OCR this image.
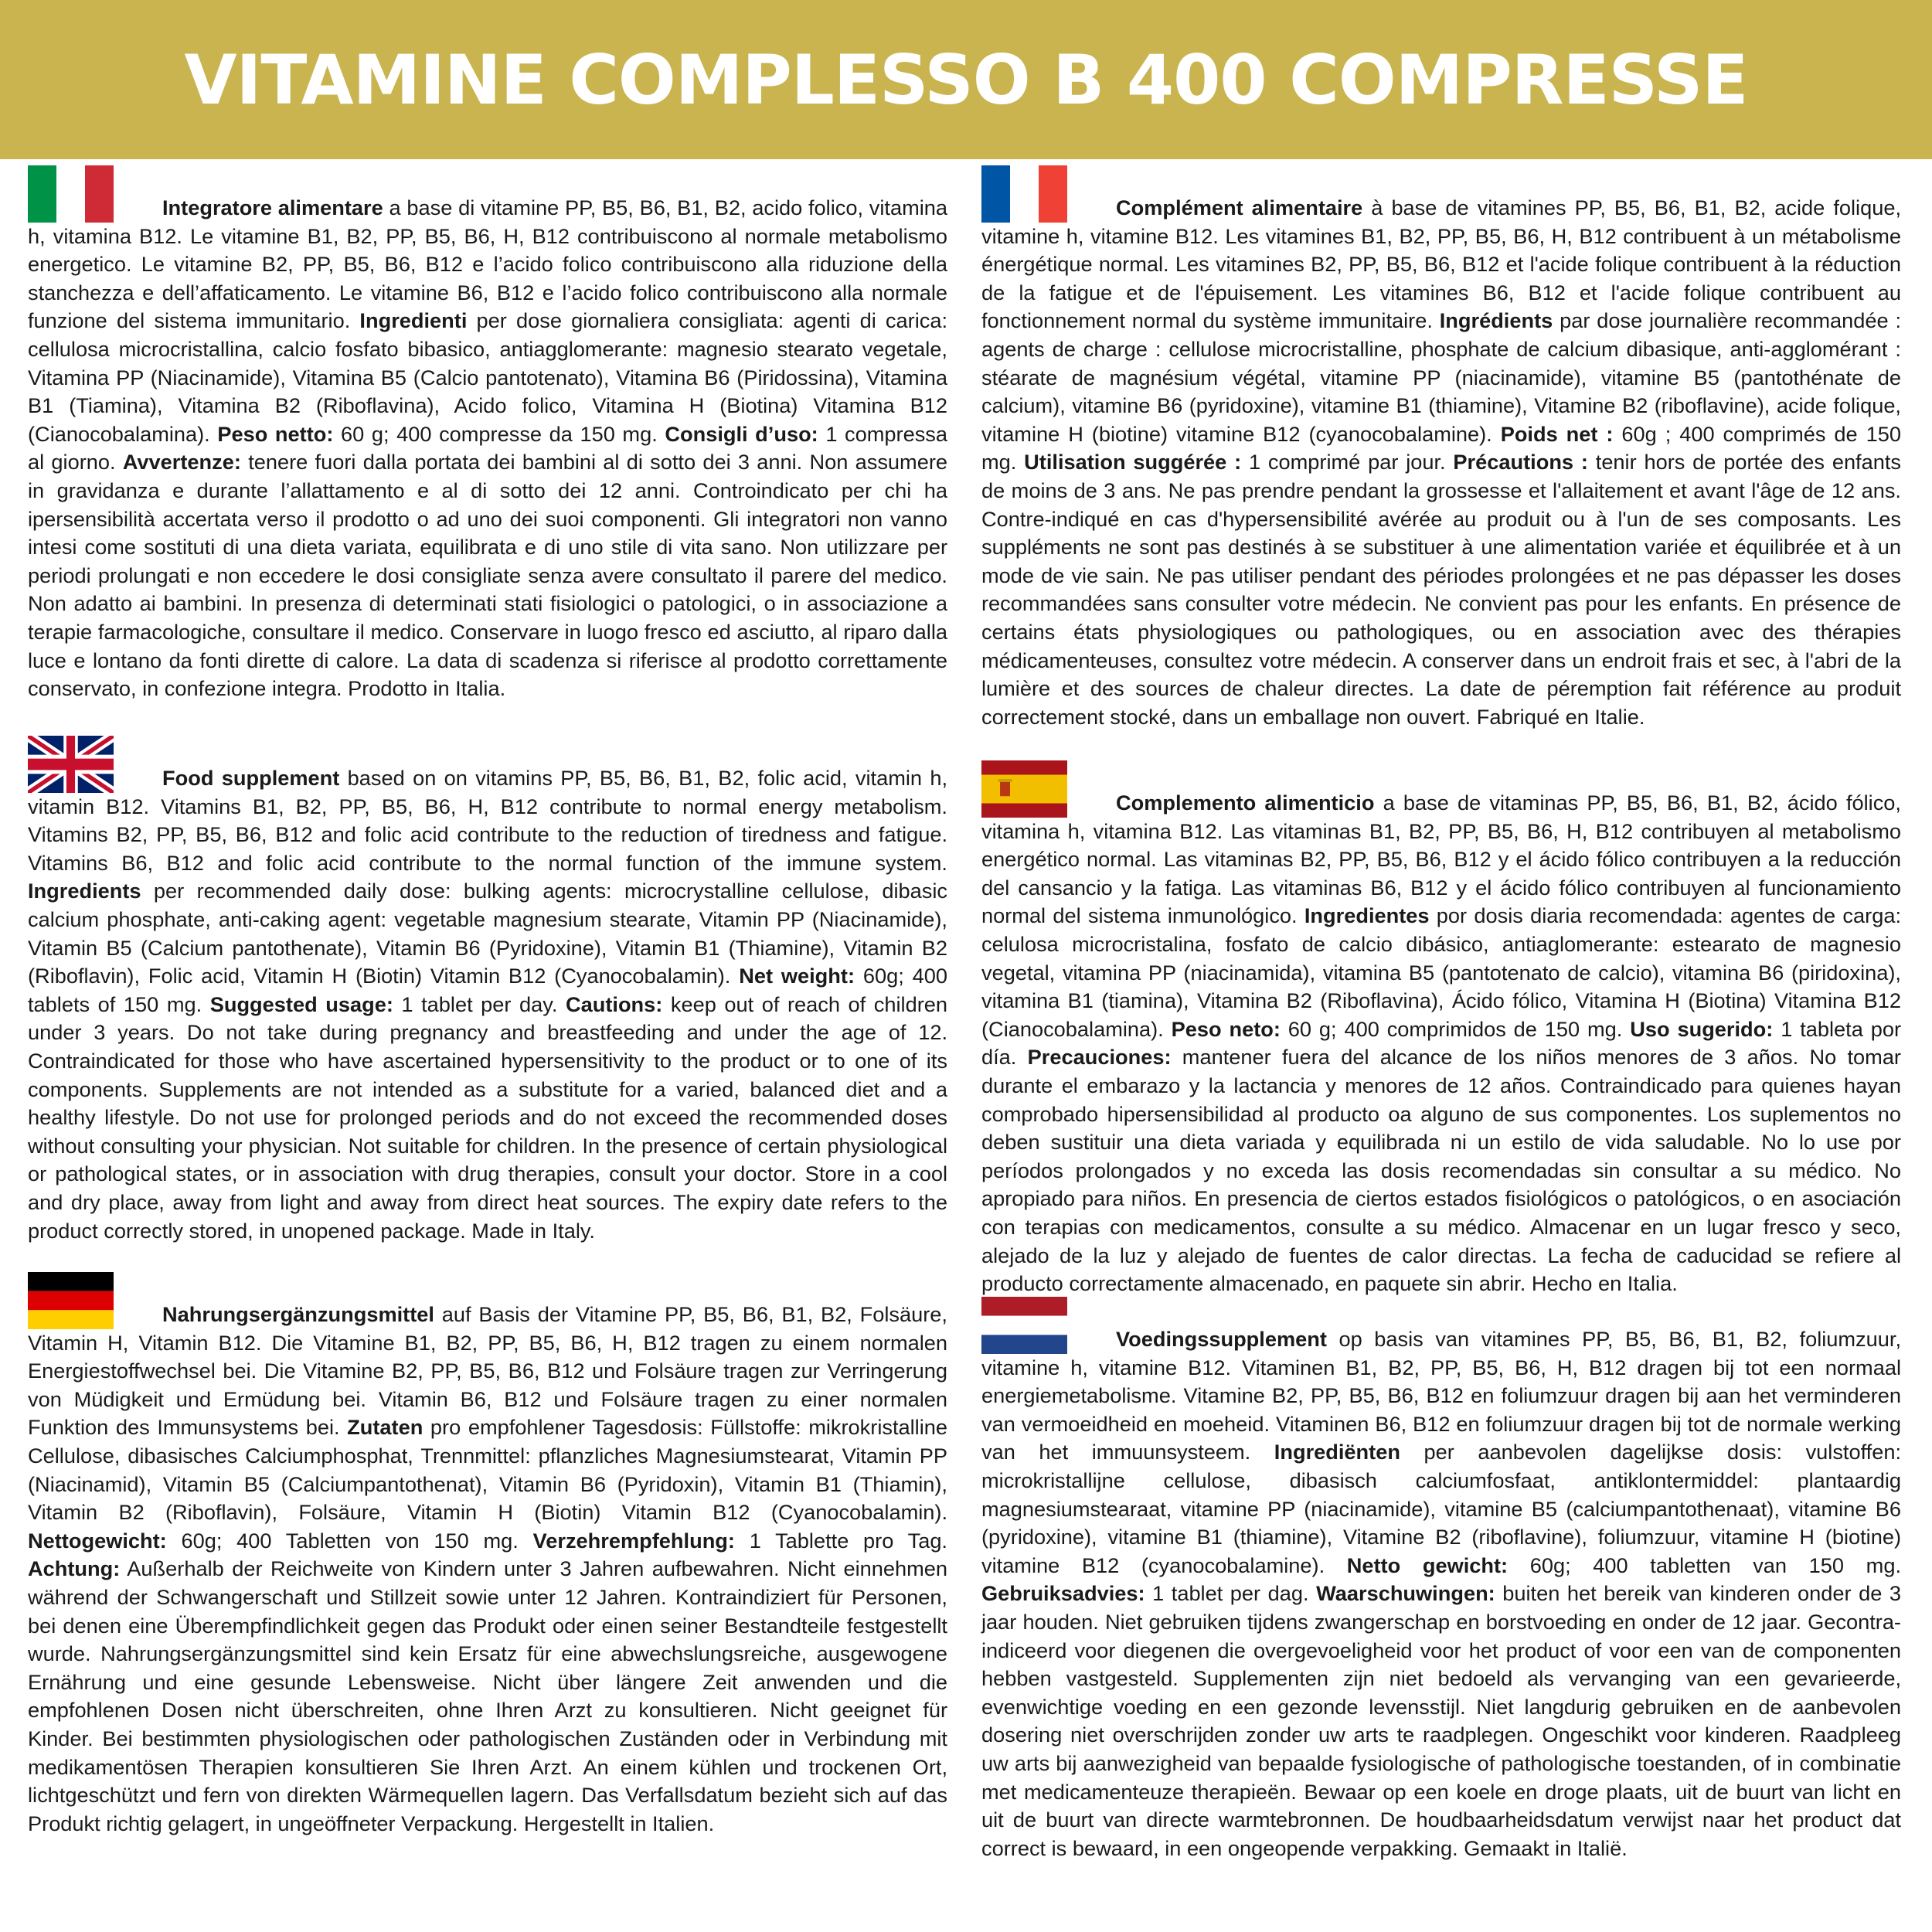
VITAMINE COMPLESSO B 400 COMPRESSE

Integratore alimentare a base di vitamine PP, B5, B6, B1, B2, acido folico, vitamina h, vitamina B12. Le vitamine B1, B2, PP, B5, B6, H, B12 contribuiscono al normale metabolismo energetico. Le vitamine B2, PP, B5, B6, B12 e l’acido folico contribuiscono alla riduzione della stanchezza e dell’affaticamento. Le vitamine B6, B12 e l’acido folico contribuiscono alla normale funzione del sistema immunitario. Ingredienti per dose giornaliera consigliata: agenti di carica: cellulosa microcristallina, calcio fosfato bibasico, antiagglomerante: magnesio stearato vegetale, Vitamina PP (Niacinamide), Vitamina B5 (Calcio pantotenato), Vitamina B6 (Piridossina), Vitamina B1 (Tiamina), Vitamina B2 (Riboflavina), Acido folico, Vitamina H (Biotina) Vitamina B12 (Cianocobalamina). Peso netto: 60 g; 400 compresse da 150 mg. Consigli d’uso: 1 compressa al giorno. Avvertenze: tenere fuori dalla portata dei bambini al di sotto dei 3 anni. Non assumere in gravidanza e durante l’allattamento e al di sotto dei 12 anni. Controindicato per chi ha ipersensibilità accertata verso il prodotto o ad uno dei suoi componenti. Gli integratori non vanno intesi come sostituti di una dieta variata, equilibrata e di uno stile di vita sano. Non utilizzare per periodi prolungati e non eccedere le dosi consigliate senza avere consultato il parere del medico. Non adatto ai bambini. In presenza di determinati stati fisiologici o patologici, o in associazione a terapie farmacologiche, consultare il medico. Conservare in luogo fresco ed asciutto, al riparo dalla luce e lontano da fonti dirette di calore. La data di scadenza si riferisce al prodotto correttamente conservato, in confezione integra. Prodotto in Italia.

Food supplement based on on vitamins PP, B5, B6, B1, B2, folic acid, vitamin h, vitamin B12. Vitamins B1, B2, PP, B5, B6, H, B12 contribute to normal energy metabolism. Vitamins B2, PP, B5, B6, B12 and folic acid contribute to the reduction of tiredness and fatigue. Vitamins B6, B12 and folic acid contribute to the normal function of the immune system. Ingredients per recommended daily dose: bulking agents: microcrystalline cellulose, dibasic calcium phosphate, anti-caking agent: vegetable magnesium stearate, Vitamin PP (Niacinamide), Vitamin B5 (Calcium pantothenate), Vitamin B6 (Pyridoxine), Vitamin B1 (Thiamine), Vitamin B2 (Riboflavin), Folic acid, Vitamin H (Biotin) Vitamin B12 (Cyanocobalamin). Net weight: 60g; 400 tablets of 150 mg. Suggested usage: 1 tablet per day. Cautions: keep out of reach of children under 3 years. Do not take during pregnancy and breastfeeding and under the age of 12. Contraindicated for those who have ascertained hypersensitivity to the product or to one of its components. Supplements are not intended as a substitute for a varied, balanced diet and a healthy lifestyle. Do not use for prolonged periods and do not exceed the recommended doses without consulting your physician. Not suitable for children. In the presence of certain physiological or pathological states, or in association with drug therapies, consult your doctor. Store in a cool and dry place, away from light and away from direct heat sources. The expiry date refers to the product correctly stored, in unopened package. Made in Italy.

Nahrungsergänzungsmittel auf Basis der Vitamine PP, B5, B6, B1, B2, Folsäure, Vitamin H, Vitamin B12. Die Vitamine B1, B2, PP, B5, B6, H, B12 tragen zu einem normalen Energiestoffwechsel bei. Die Vitamine B2, PP, B5, B6, B12 und Folsäure tragen zur Verringerung von Müdigkeit und Ermüdung bei. Vitamin B6, B12 und Folsäure tragen zu einer normalen Funktion des Immunsystems bei. Zutaten pro empfohlener Tagesdosis: Füllstoffe: mikrokristalline Cellulose, dibasisches Calciumphosphat, Trennmittel: pflanzliches Magnesiumstearat, Vitamin PP (Niacinamid), Vitamin B5 (Calciumpantothenat), Vitamin B6 (Pyridoxin), Vitamin B1 (Thiamin), Vitamin B2 (Riboflavin), Folsäure, Vitamin H (Biotin) Vitamin B12 (Cyanocobalamin). Nettogewicht: 60g; 400 Tabletten von 150 mg. Verzehrempfehlung: 1 Tablette pro Tag. Achtung: Außerhalb der Reichweite von Kindern unter 3 Jahren aufbewahren. Nicht einnehmen während der Schwangerschaft und Stillzeit sowie unter 12 Jahren. Kontraindiziert für Personen, bei denen eine Überempfindlichkeit gegen das Produkt oder einen seiner Bestandteile festgestellt wurde. Nahrungsergänzungsmittel sind kein Ersatz für eine abwechslungsreiche, ausgewogene Ernährung und eine gesunde Lebensweise. Nicht über längere Zeit anwenden und die empfohlenen Dosen nicht überschreiten, ohne Ihren Arzt zu konsultieren. Nicht geeignet für Kinder. Bei bestimmten physiologischen oder pathologischen Zuständen oder in Verbindung mit medikamentösen Therapien konsultieren Sie Ihren Arzt. An einem kühlen und trockenen Ort, lichtgeschützt und fern von direkten Wärmequellen lagern. Das Verfallsdatum bezieht sich auf das Produkt richtig gelagert, in ungeöffneter Verpackung. Hergestellt in Italien.

Complément alimentaire à base de vitamines PP, B5, B6, B1, B2, acide folique, vitamine h, vitamine B12. Les vitamines B1, B2, PP, B5, B6, H, B12 contribuent à un métabolisme énergétique normal. Les vitamines B2, PP, B5, B6, B12 et l'acide folique contribuent à la réduction de la fatigue et de l'épuisement. Les vitamines B6, B12 et l'acide folique contribuent au fonctionnement normal du système immunitaire. Ingrédients par dose journalière recommandée : agents de charge : cellulose microcristalline, phosphate de calcium dibasique, anti-agglomérant : stéarate de magnésium végétal, vitamine PP (niacinamide), vitamine B5 (pantothénate de calcium), vitamine B6 (pyridoxine), vitamine B1 (thiamine), Vitamine B2 (riboflavine), acide folique, vitamine H (biotine) vitamine B12 (cyanocobalamine). Poids net : 60g ; 400 comprimés de 150 mg. Utilisation suggérée : 1 comprimé par jour. Précautions : tenir hors de portée des enfants de moins de 3 ans. Ne pas prendre pendant la grossesse et l'allaitement et avant l'âge de 12 ans. Contre-indiqué en cas d'hypersensibilité avérée au produit ou à l'un de ses composants. Les suppléments ne sont pas destinés à se substituer à une alimentation variée et équilibrée et à un mode de vie sain. Ne pas utiliser pendant des périodes prolongées et ne pas dépasser les doses recommandées sans consulter votre médecin. Ne convient pas pour les enfants. En présence de certains états physiologiques ou pathologiques, ou en association avec des thérapies médicamenteuses, consultez votre médecin. A conserver dans un endroit frais et sec, à l'abri de la lumière et des sources de chaleur directes. La date de péremption fait référence au produit correctement stocké, dans un emballage non ouvert. Fabriqué en Italie.

Complemento alimenticio a base de vitaminas PP, B5, B6, B1, B2, ácido fólico, vitamina h, vitamina B12. Las vitaminas B1, B2, PP, B5, B6, H, B12 contribuyen al metabolismo energético normal. Las vitaminas B2, PP, B5, B6, B12 y el ácido fólico contribuyen a la reducción del cansancio y la fatiga. Las vitaminas B6, B12 y el ácido fólico contribuyen al funcionamiento normal del sistema inmunológico. Ingredientes por dosis diaria recomendada: agentes de carga: celulosa microcristalina, fosfato de calcio dibásico, antiaglomerante: estearato de magnesio vegetal, vitamina PP (niacinamida), vitamina B5 (pantotenato de calcio), vitamina B6 (piridoxina), vitamina B1 (tiamina), Vitamina B2 (Riboflavina), Ácido fólico, Vitamina H (Biotina) Vitamina B12 (Cianocobalamina). Peso neto: 60 g; 400 comprimidos de 150 mg. Uso sugerido: 1 tableta por día. Precauciones: mantener fuera del alcance de los niños menores de 3 años. No tomar durante el embarazo y la lactancia y menores de 12 años. Contraindicado para quienes hayan comprobado hipersensibilidad al producto oa alguno de sus componentes. Los suplementos no deben sustituir una dieta variada y equilibrada ni un estilo de vida saludable. No lo use por períodos prolongados y no exceda las dosis recomendadas sin consultar a su médico. No apropiado para niños. En presencia de ciertos estados fisiológicos o patológicos, o en asociación con terapias con medicamentos, consulte a su médico. Almacenar en un lugar fresco y seco, alejado de la luz y alejado de fuentes de calor directas. La fecha de caducidad se refiere al producto correctamente almacenado, en paquete sin abrir. Hecho en Italia.

Voedingssupplement op basis van vitamines PP, B5, B6, B1, B2, foliumzuur, vitamine h, vitamine B12. Vitaminen B1, B2, PP, B5, B6, H, B12 dragen bij tot een normaal energiemetabolisme. Vitamine B2, PP, B5, B6, B12 en foliumzuur dragen bij aan het verminderen van vermoeidheid en moeheid. Vitaminen B6, B12 en foliumzuur dragen bij tot de normale werking van het immuunsysteem. Ingrediënten per aanbevolen dagelijkse dosis: vulstoffen: microkristallijne cellulose, dibasisch calciumfosfaat, antiklontermiddel: plantaardig magnesiumstearaat, vitamine PP (niacinamide), vitamine B5 (calciumpantothenaat), vitamine B6 (pyridoxine), vitamine B1 (thiamine), Vitamine B2 (riboflavine), foliumzuur, vitamine H (biotine) vitamine B12 (cyanocobalamine). Netto gewicht: 60g; 400 tabletten van 150 mg. Gebruiksadvies: 1 tablet per dag. Waarschuwingen: buiten het bereik van kinderen onder de 3 jaar houden. Niet gebruiken tijdens zwangerschap en borstvoeding en onder de 12 jaar. Gecontra-indiceerd voor diegenen die overgevoeligheid voor het product of voor een van de componenten hebben vastgesteld. Supplementen zijn niet bedoeld als vervanging van een gevarieerde, evenwichtige voeding en een gezonde levensstijl. Niet langdurig gebruiken en de aanbevolen dosering niet overschrijden zonder uw arts te raadplegen. Ongeschikt voor kinderen. Raadpleeg uw arts bij aanwezigheid van bepaalde fysiologische of pathologische toestanden, of in combinatie met medicamenteuze therapieën. Bewaar op een koele en droge plaats, uit de buurt van licht en uit de buurt van directe warmtebronnen. De houdbaarheidsdatum verwijst naar het product dat correct is bewaard, in een ongeopende verpakking. Gemaakt in Italië.
